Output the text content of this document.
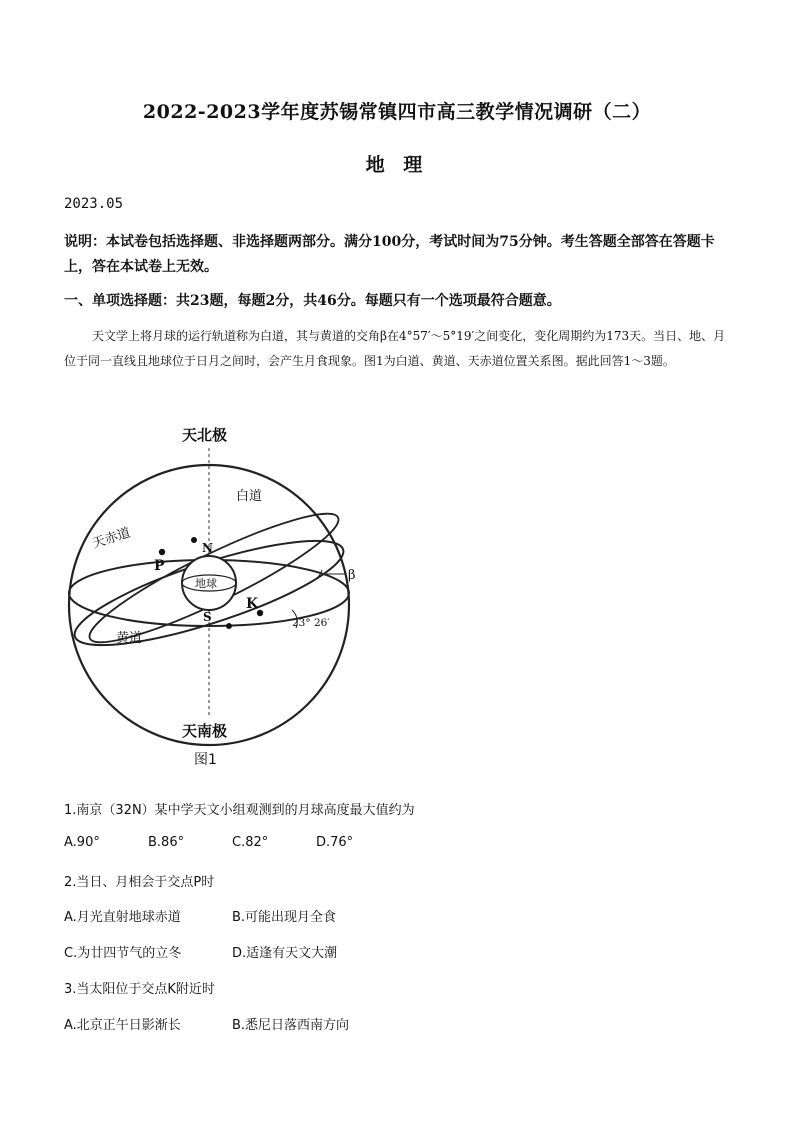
2022-2023学年度苏锡常镇四市高三教学情况调研（二）
地 理
2023.05
说明：本试卷包括选择题、非选择题两部分。满分100分，考试时间为75分钟。考生答题全部答在答题卡上，答在本试卷上无效。
一、单项选择题：共23题，每题2分，共46分。每题只有一个选项最符合题意。
天文学上将月球的运行轨道称为白道，其与黄道的交角β在4°57′～5°19′之间变化，变化周期约为173天。当日、地、月位于同一直线且地球位于日月之间时，会产生月食现象。图1为白道、黄道、天赤道位置关系图。据此回答1～3题。
天北极
天南极
白道
天赤道
黄道
地球
P
N
S
K
β
23° 26′
图1
1.南京（32N）某中学天文小组观测到的月球高度最大值约为
A.90°	B.86°	C.82°	D.76°
2.当日、月相会于交点P时
A.月光直射地球赤道	B.可能出现月全食
C.为廿四节气的立冬	D.适逢有天文大潮
3.当太阳位于交点K附近时
A.北京正午日影渐长	B.悉尼日落西南方向
